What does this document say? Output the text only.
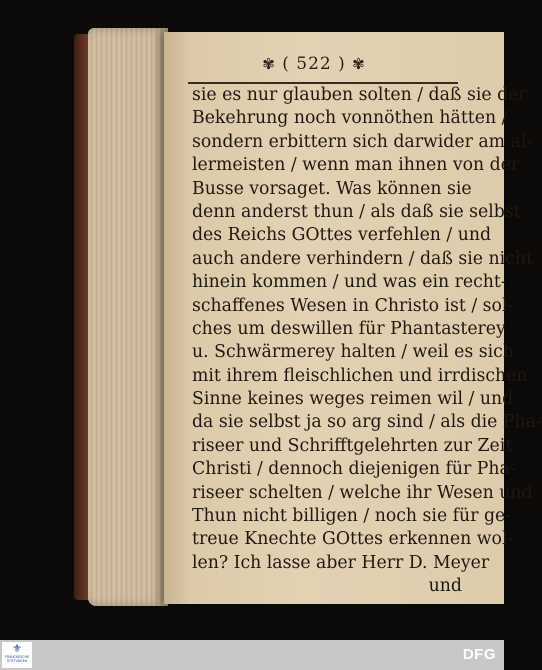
✾ ( 522 ) ✾
sie es nur glauben solten / daß sie der
Bekehrung noch vonnöthen hätten /
sondern erbittern sich darwider am al-
lermeisten / wenn man ihnen von der
Busse vorsaget. Was können sie
denn anderst thun / als daß sie selbst
des Reichs GOttes verfehlen / und
auch andere verhindern / daß sie nicht
hinein kommen / und was ein recht-
schaffenes Wesen in Christo ist / sol-
ches um deswillen für Phantasterey
u. Schwärmerey halten / weil es sich
mit ihrem fleischlichen und irrdischen
Sinne keines weges reimen wil / und
da sie selbst ja so arg sind / als die Pha-
riseer und Schrifftgelehrten zur Zeit
Christi / dennoch diejenigen für Pha-
riseer schelten / welche ihr Wesen und
Thun nicht billigen / noch sie für ge-
treue Knechte GOttes erkennen wol-
len? Ich lasse aber Herr D. Meyer
und
⚜
FRANCKESCHE
STIFTUNGEN	DFG
